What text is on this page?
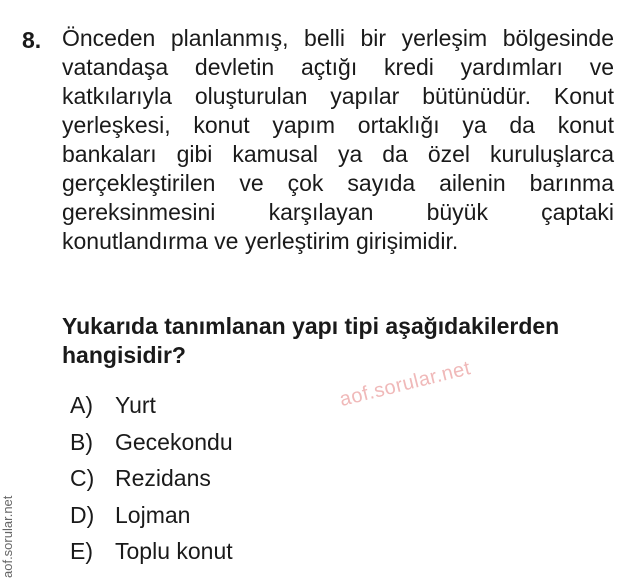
8. Önceden planlanmış, belli bir yerleşim bölgesinde vatandaşa devletin açtığı kredi yardımları ve katkılarıyla oluşturulan yapılar bütünüdür. Konut yerleşkesi, konut yapım ortaklığı ya da konut bankaları gibi kamusal ya da özel kuruluşlarca gerçekleştirilen ve çok sayıda ailenin barınma gereksinmesini karşılayan büyük çaptaki konutlandırma ve yerleştirim girişimidir.
Yukarıda tanımlanan yapı tipi aşağıdakilerden hangisidir?
A) Yurt
B) Gecekondu
C) Rezidans
D) Lojman
E) Toplu konut
aof.sorular.net
aof.sorular.net
